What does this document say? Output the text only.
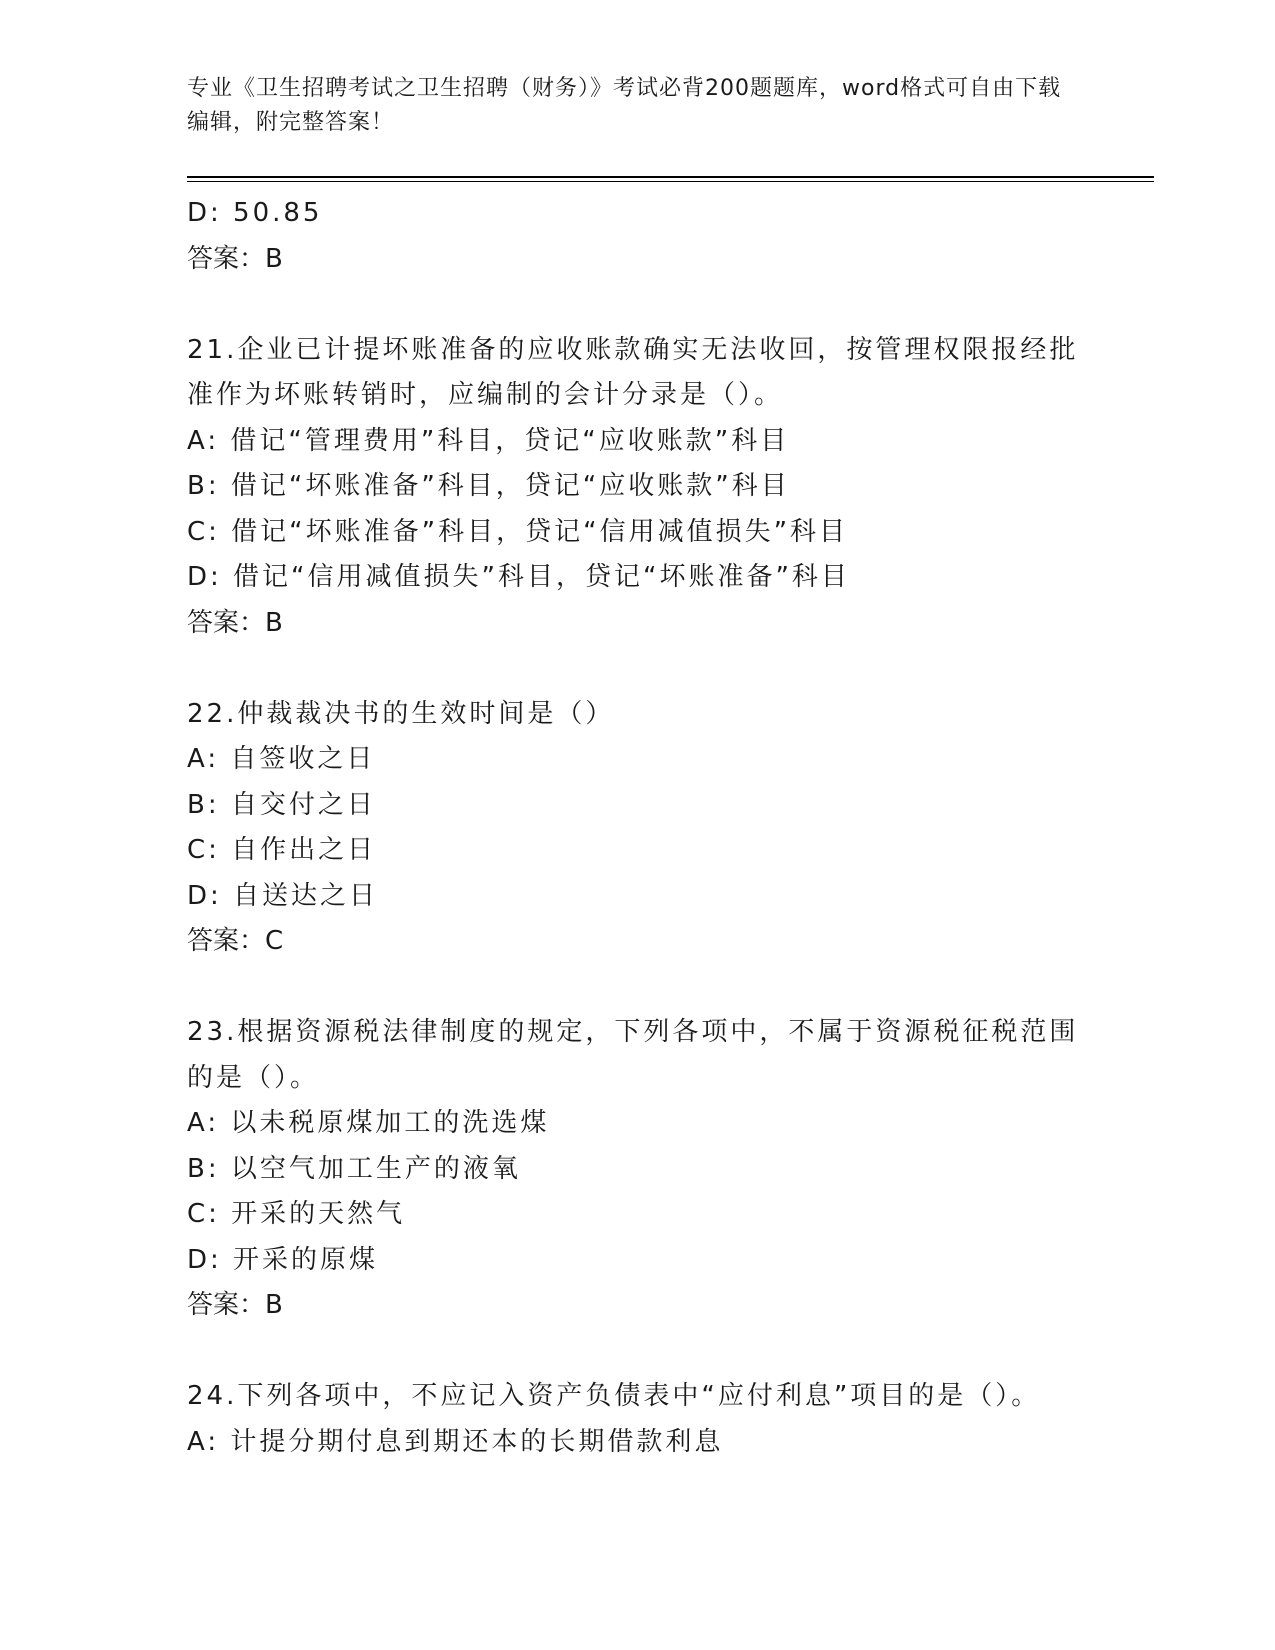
专业《卫生招聘考试之卫生招聘（财务）》考试必背200题题库，word格式可自由下载编辑，附完整答案！
D: 50.85
答案：B
21.企业已计提坏账准备的应收账款确实无法收回，按管理权限报经批
准作为坏账转销时，应编制的会计分录是（）。
A: 借记“管理费用”科目，贷记“应收账款”科目
B: 借记“坏账准备”科目，贷记“应收账款”科目
C: 借记“坏账准备”科目，贷记“信用减值损失”科目
D: 借记“信用减值损失”科目，贷记“坏账准备”科目
答案：B
22.仲裁裁决书的生效时间是（）
A: 自签收之日
B: 自交付之日
C: 自作出之日
D: 自送达之日
答案：C
23.根据资源税法律制度的规定，下列各项中，不属于资源税征税范围
的是（）。
A: 以未税原煤加工的洗选煤
B: 以空气加工生产的液氧
C: 开采的天然气
D: 开采的原煤
答案：B
24.下列各项中，不应记入资产负债表中“应付利息”项目的是（）。
A: 计提分期付息到期还本的长期借款利息
